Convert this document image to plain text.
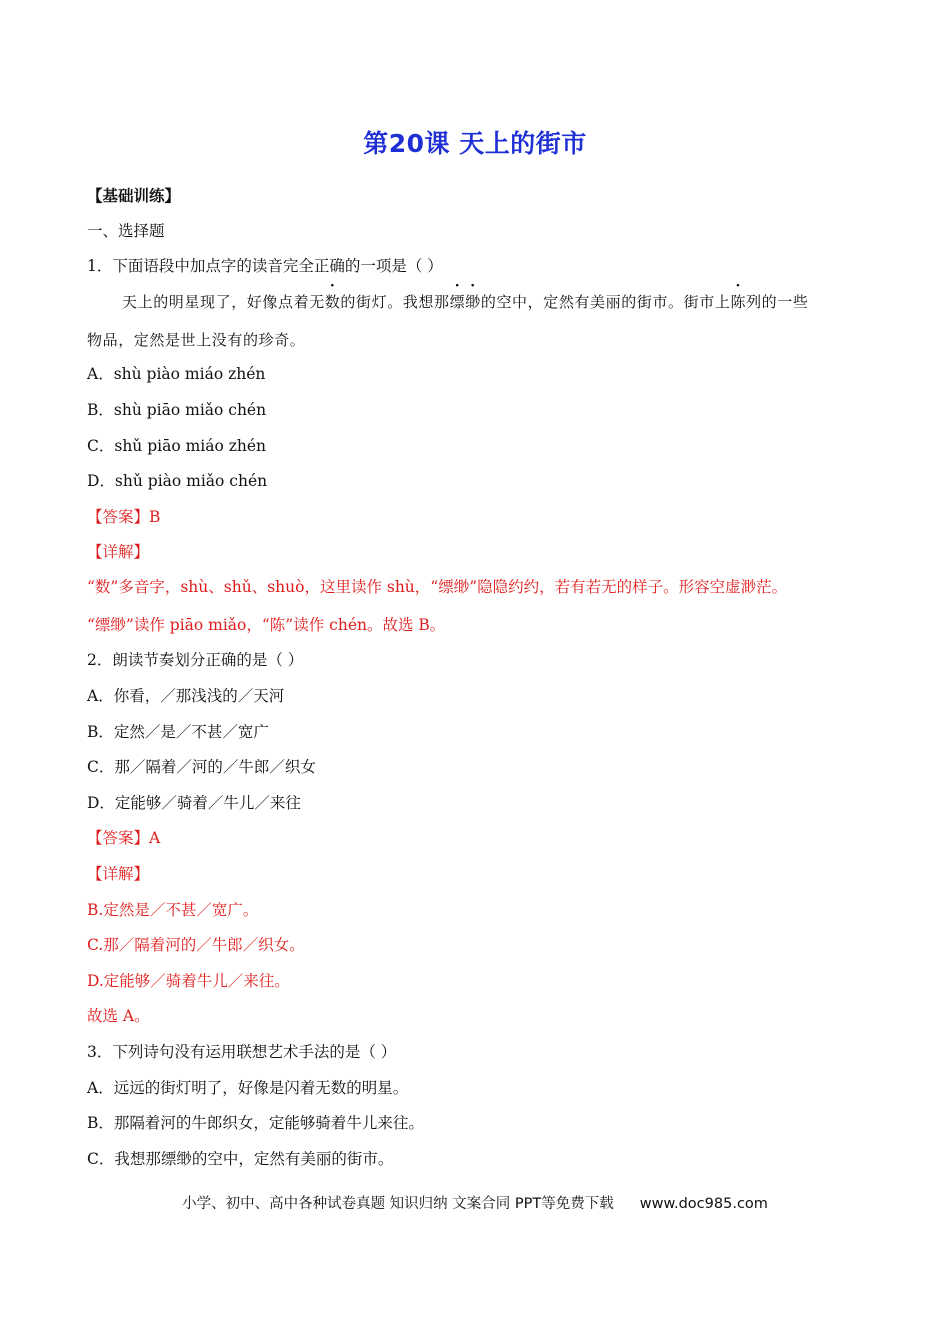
第20课 天上的街市
【基础训练】
一、选择题
1．下面语段中加点字的读音完全正确的一项是（ ）
天上的明星现了，好像点着无数的街灯。我想那缥缈的空中，定然有美丽的街市。街市上陈列的一些
物品，定然是世上没有的珍奇。
A．shù piào miáo zhén
B．shù piāo miǎo chén
C．shǔ piāo miáo zhén
D．shǔ piào miǎo chén
【答案】B
【详解】
“数”多音字，shù、shǔ、shuò，这里读作 shù，“缥缈”隐隐约约，若有若无的样子。形容空虚渺茫。
“缥缈”读作 piāo miǎo，“陈”读作 chén。故选 B。
2．朗读节奏划分正确的是（ ）
A．你看，／那浅浅的／天河
B．定然／是／不甚／宽广
C．那／隔着／河的／牛郎／织女
D．定能够／骑着／牛儿／来往
【答案】A
【详解】
B.定然是／不甚／宽广。
C.那／隔着河的／牛郎／织女。
D.定能够／骑着牛儿／来往。
故选 A。
3．下列诗句没有运用联想艺术手法的是（ ）
A．远远的街灯明了，好像是闪着无数的明星。
B．那隔着河的牛郎织女，定能够骑着牛儿来往。
C．我想那缥缈的空中，定然有美丽的街市。
小学、初中、高中各种试卷真题 知识归纳 文案合同 PPT等免费下载 www.doc985.com
